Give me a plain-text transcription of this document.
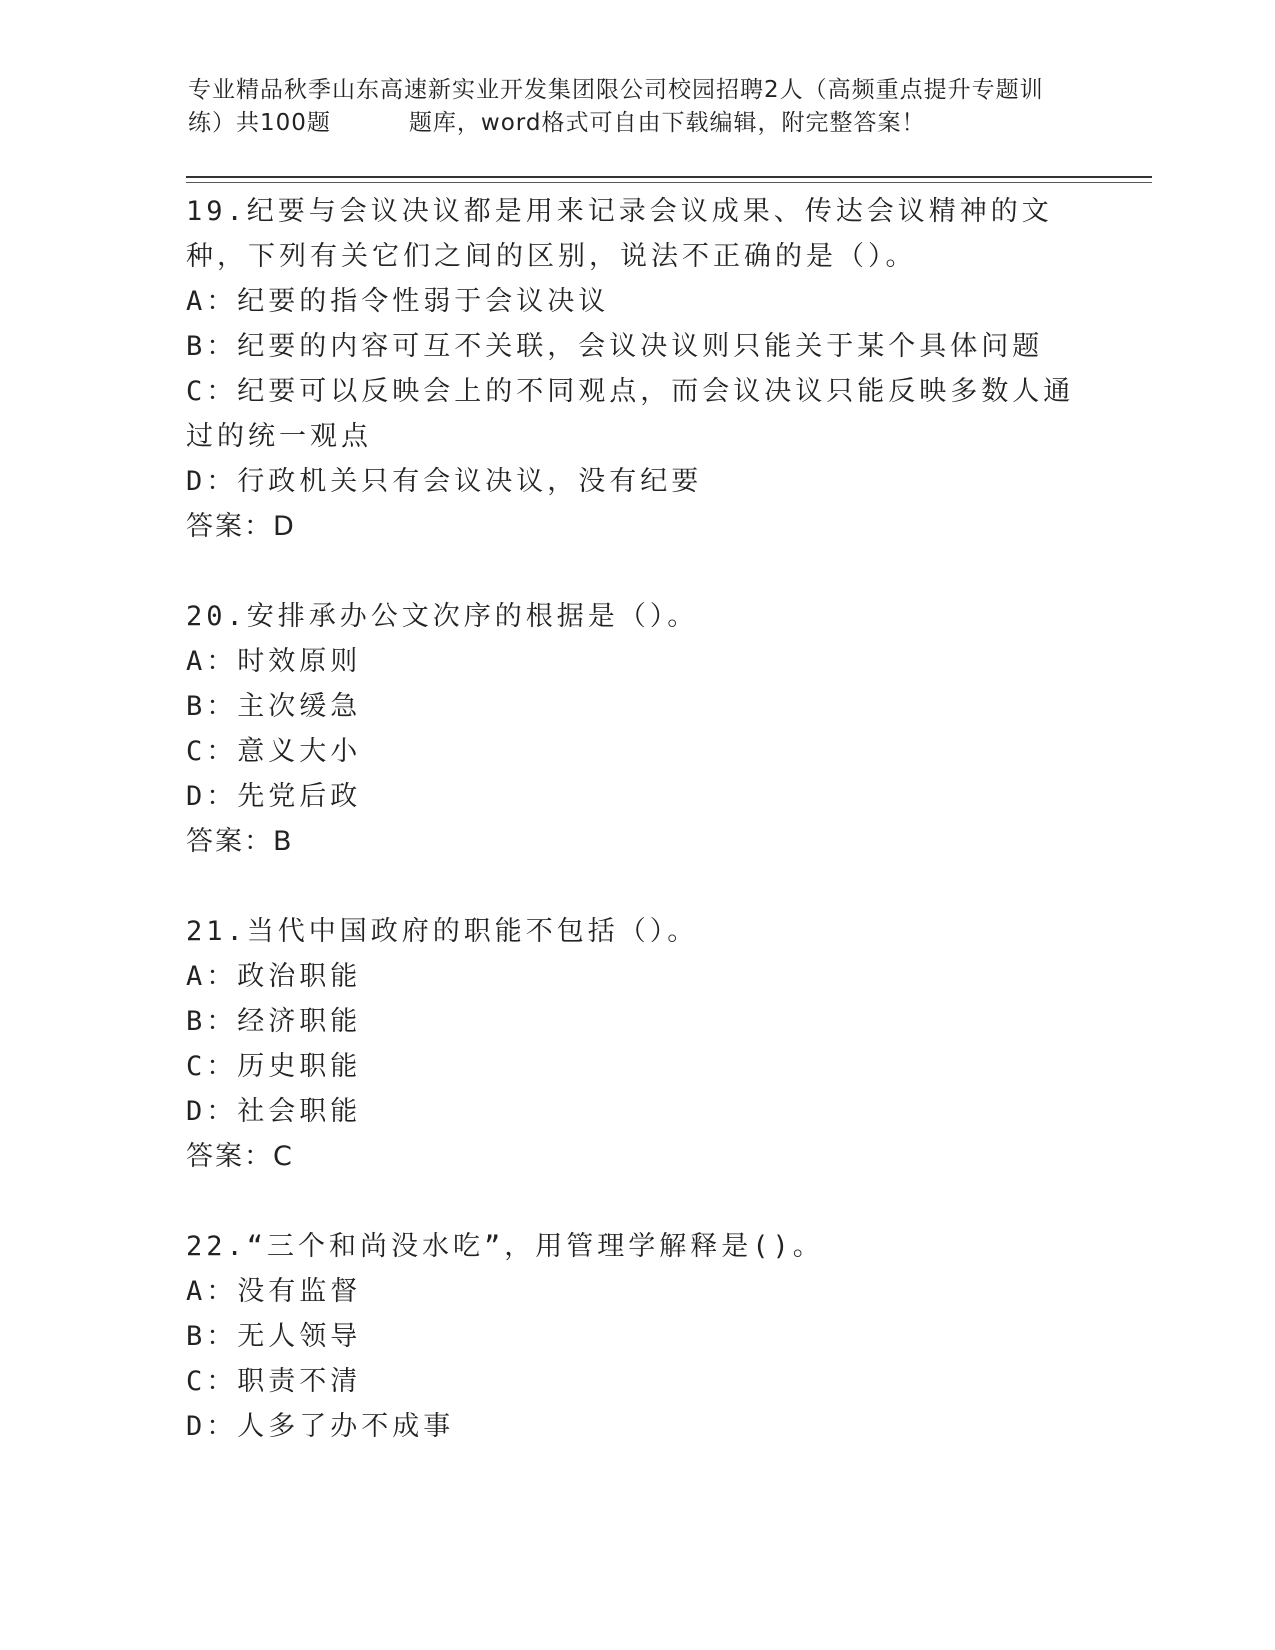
专业精品秋季山东高速新实业开发集团限公司校园招聘2人（高频重点提升专题训
练）共100题	题库，word格式可自由下载编辑，附完整答案！
19.纪要与会议决议都是用来记录会议成果、传达会议精神的文种，下列有关它们之间的区别，说法不正确的是（）。
A：纪要的指令性弱于会议决议
B：纪要的内容可互不关联，会议决议则只能关于某个具体问题
C：纪要可以反映会上的不同观点，而会议决议只能反映多数人通过的统一观点
D：行政机关只有会议决议，没有纪要
答案：D
20.安排承办公文次序的根据是（）。
A：时效原则
B：主次缓急
C：意义大小
D：先党后政
答案：B
21.当代中国政府的职能不包括（）。
A：政治职能
B：经济职能
C：历史职能
D：社会职能
答案：C
22.“三个和尚没水吃”，用管理学解释是()。
A：没有监督
B：无人领导
C：职责不清
D：人多了办不成事
